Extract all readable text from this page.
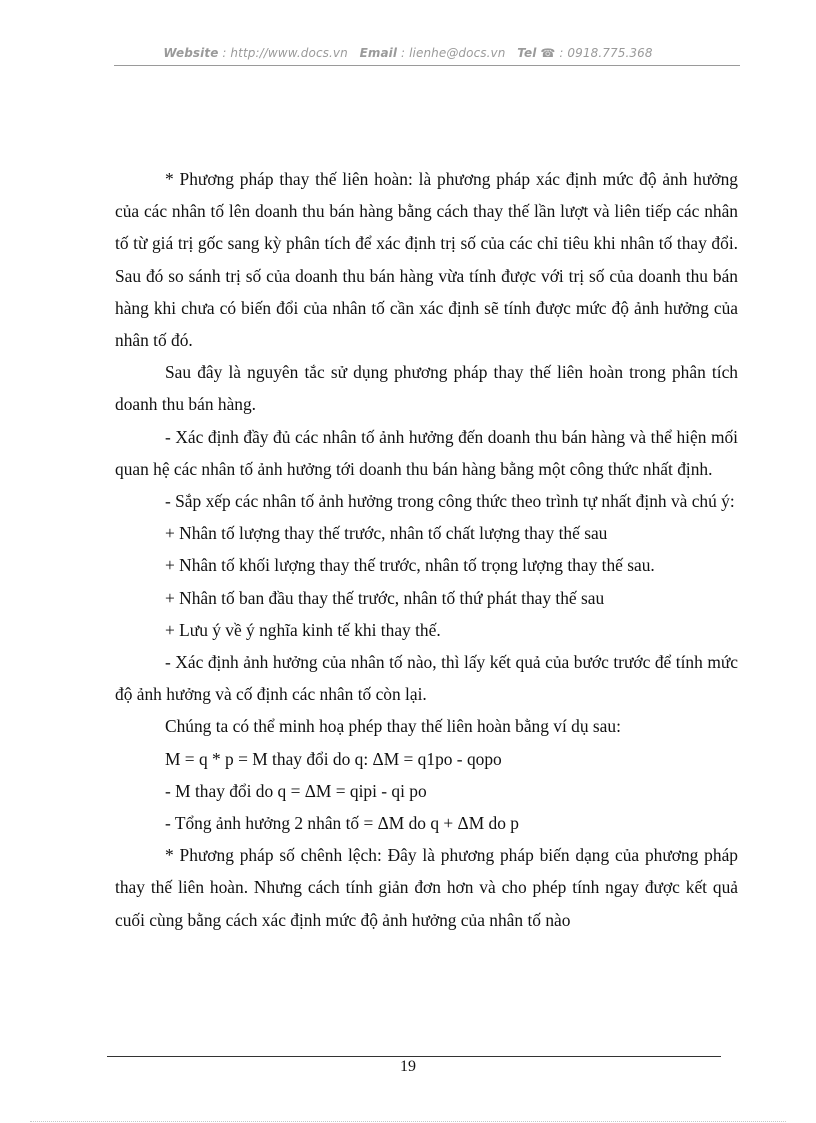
Website : http://www.docs.vn Email : lienhe@docs.vn Tel ☎ : 0918.775.368

* Phương pháp thay thế liên hoàn: là phương pháp xác định mức độ ảnh hưởng của các nhân tố lên doanh thu bán hàng bằng cách thay thế lần lượt và liên tiếp các nhân tố từ giá trị gốc sang kỳ phân tích để xác định trị số của các chỉ tiêu khi nhân tố thay đổi. Sau đó so sánh trị số của doanh thu bán hàng vừa tính được với trị số của doanh thu bán hàng khi chưa có biến đổi của nhân tố cần xác định sẽ tính được mức độ ảnh hưởng của nhân tố đó.

Sau đây là nguyên tắc sử dụng phương pháp thay thế liên hoàn trong phân tích doanh thu bán hàng.

- Xác định đầy đủ các nhân tố ảnh hưởng đến doanh thu bán hàng và thể hiện mối quan hệ các nhân tố ảnh hưởng tới doanh thu bán hàng bằng một công thức nhất định.

- Sắp xếp các nhân tố ảnh hưởng trong công thức theo trình tự nhất định và chú ý:

+ Nhân tố lượng thay thế trước, nhân tố chất lượng thay thế sau

+ Nhân tố khối lượng thay thế trước, nhân tố trọng lượng thay thế sau.

+ Nhân tố ban đầu thay thế trước, nhân tố thứ phát thay thế sau

+ Lưu ý về ý nghĩa kinh tế khi thay thế.

- Xác định ảnh hưởng của nhân tố nào, thì lấy kết quả của bước trước để tính mức độ ảnh hưởng và cố định các nhân tố còn lại.

Chúng ta có thể minh hoạ phép thay thế liên hoàn bằng ví dụ sau:

M = q * p = M thay đổi do q: ΔM = q1po - qopo

- M thay đổi do q = ΔM = qipi - qi po

- Tổng ảnh hưởng 2 nhân tố = ΔM do q + ΔM do p

* Phương pháp số chênh lệch: Đây là phương pháp biến dạng của phương pháp thay thế liên hoàn. Nhưng cách tính giản đơn hơn và cho phép tính ngay được kết quả cuối cùng bằng cách xác định mức độ ảnh hưởng của nhân tố nào

19
